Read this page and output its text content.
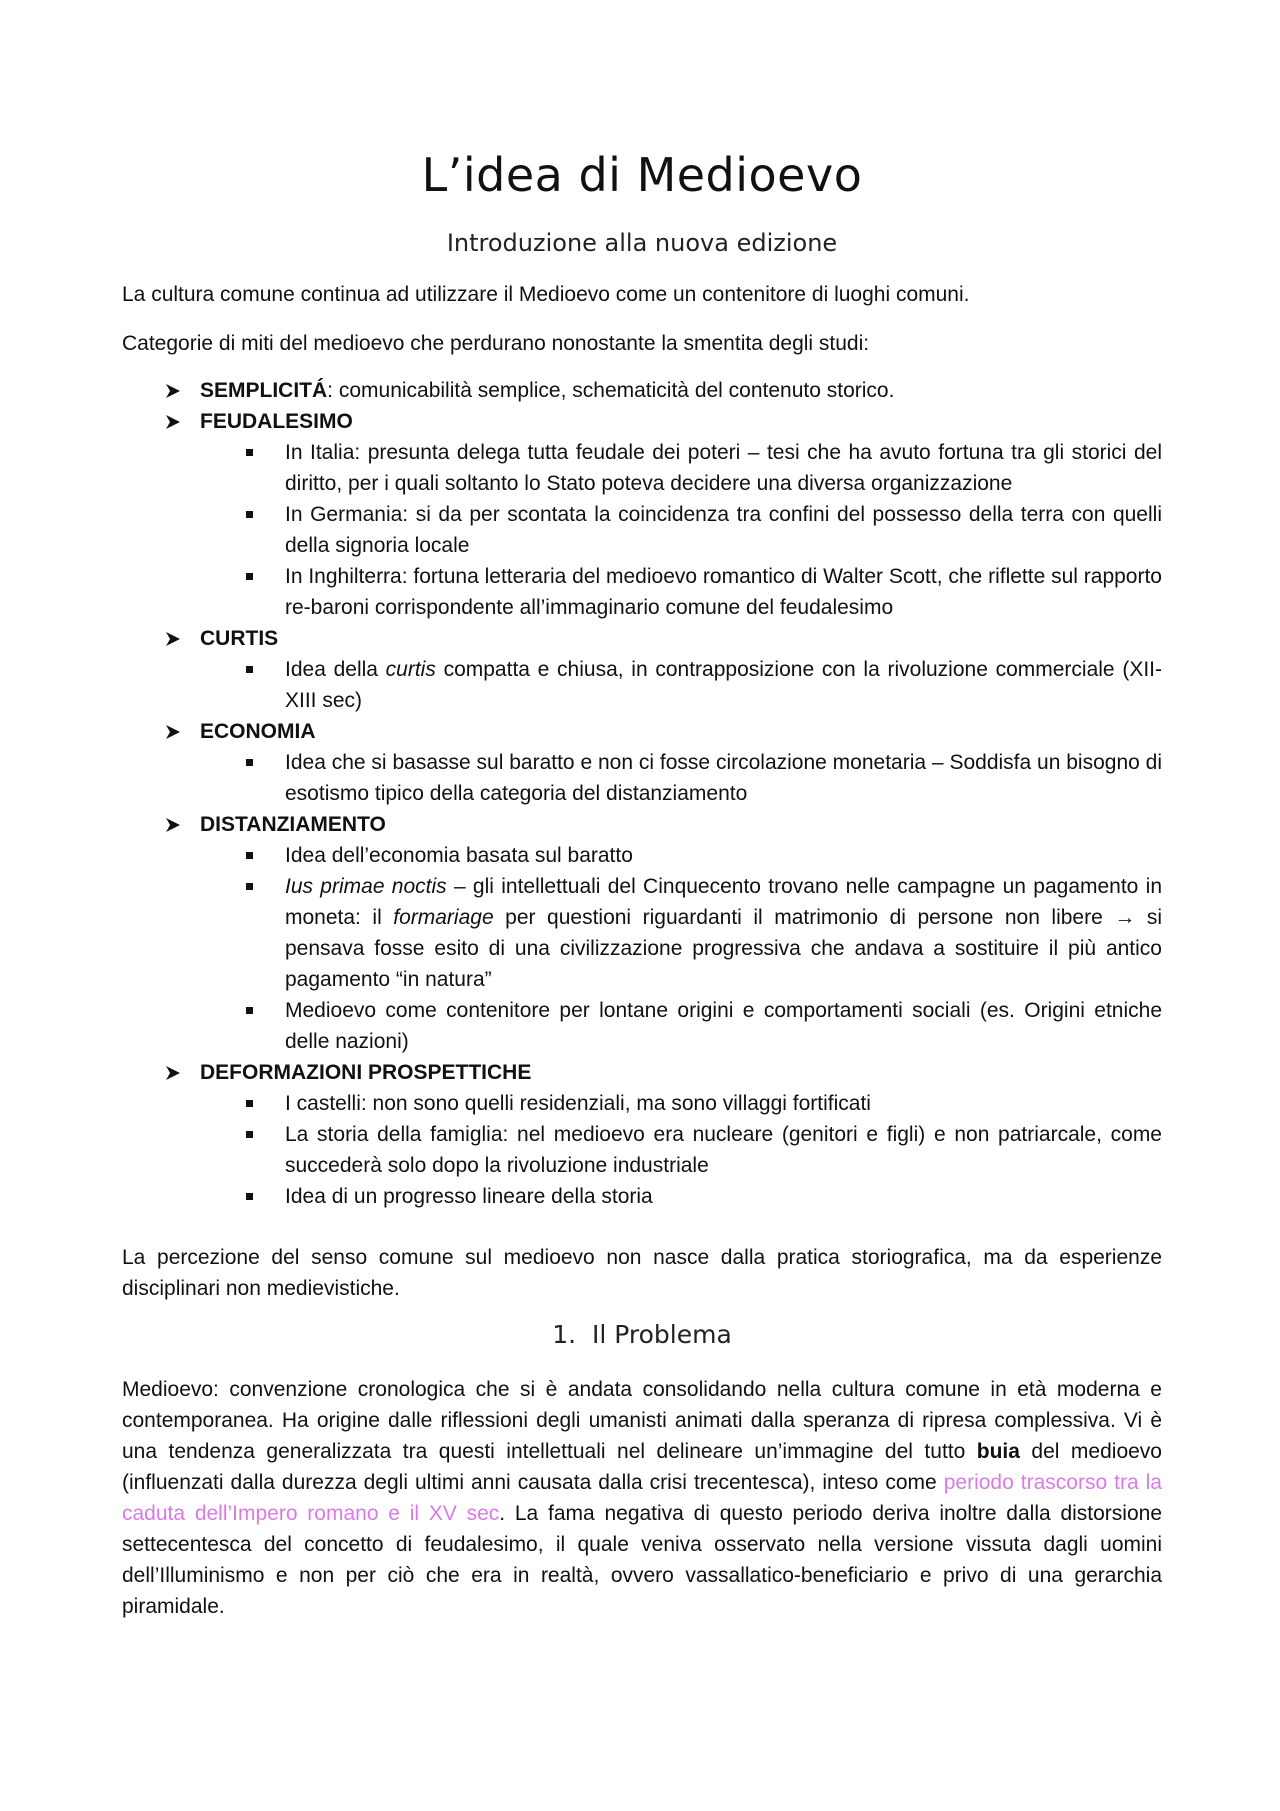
L’idea di Medioevo
Introduzione alla nuova edizione
La cultura comune continua ad utilizzare il Medioevo come un contenitore di luoghi comuni.
Categorie di miti del medioevo che perdurano nonostante la smentita degli studi:
SEMPLICITÁ: comunicabilità semplice, schematicità del contenuto storico.
FEUDALESIMO
In Italia: presunta delega tutta feudale dei poteri – tesi che ha avuto fortuna tra gli storici del diritto, per i quali soltanto lo Stato poteva decidere una diversa organizzazione
In Germania: si da per scontata la coincidenza tra confini del possesso della terra con quelli della signoria locale
In Inghilterra: fortuna letteraria del medioevo romantico di Walter Scott, che riflette sul rapporto re-baroni corrispondente all’immaginario comune del feudalesimo
CURTIS
Idea della curtis compatta e chiusa, in contrapposizione con la rivoluzione commerciale (XII-XIII sec)
ECONOMIA
Idea che si basasse sul baratto e non ci fosse circolazione monetaria – Soddisfa un bisogno di esotismo tipico della categoria del distanziamento
DISTANZIAMENTO
Idea dell’economia basata sul baratto
Ius primae noctis – gli intellettuali del Cinquecento trovano nelle campagne un pagamento in moneta: il formariage per questioni riguardanti il matrimonio di persone non libere → si pensava fosse esito di una civilizzazione progressiva che andava a sostituire il più antico pagamento “in natura”
Medioevo come contenitore per lontane origini e comportamenti sociali (es. Origini etniche delle nazioni)
DEFORMAZIONI PROSPETTICHE
I castelli: non sono quelli residenziali, ma sono villaggi fortificati
La storia della famiglia: nel medioevo era nucleare (genitori e figli) e non patriarcale, come succederà solo dopo la rivoluzione industriale
Idea di un progresso lineare della storia
La percezione del senso comune sul medioevo non nasce dalla pratica storiografica, ma da esperienze disciplinari non medievistiche.
1. Il Problema
Medioevo: convenzione cronologica che si è andata consolidando nella cultura comune in età moderna e contemporanea. Ha origine dalle riflessioni degli umanisti animati dalla speranza di ripresa complessiva. Vi è una tendenza generalizzata tra questi intellettuali nel delineare un’immagine del tutto buia del medioevo (influenzati dalla durezza degli ultimi anni causata dalla crisi trecentesca), inteso come periodo trascorso tra la caduta dell’Impero romano e il XV sec. La fama negativa di questo periodo deriva inoltre dalla distorsione settecentesca del concetto di feudalesimo, il quale veniva osservato nella versione vissuta dagli uomini dell’Illuminismo e non per ciò che era in realtà, ovvero vassallatico-beneficiario e privo di una gerarchia piramidale.
